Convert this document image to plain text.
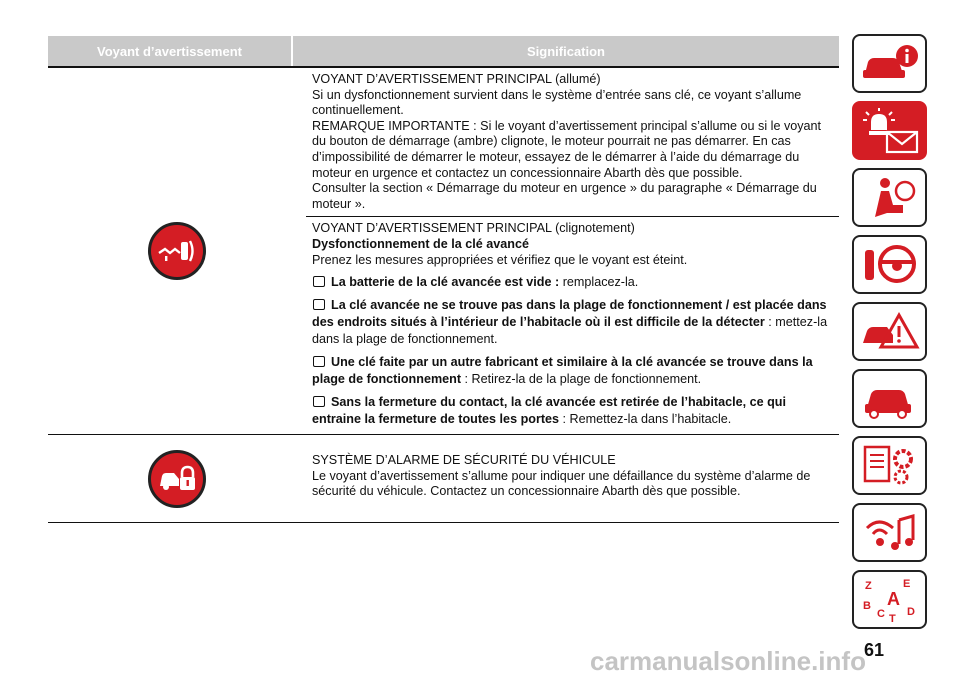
Voyant d’avertissement	Signification
VOYANT D’AVERTISSEMENT PRINCIPAL (allumé)
Si un dysfonctionnement survient dans le système d’entrée sans clé, ce voyant s’allume continuellement.
REMARQUE IMPORTANTE : Si le voyant d’avertissement principal s’allume ou si le voyant du bouton de démarrage (ambre) clignote, le moteur pourrait ne pas démarrer. En cas d’impossibilité de démarrer le moteur, essayez de le démarrer à l’aide du démarrage du moteur en urgence et contactez un concessionnaire Abarth dès que possible.
Consulter la section « Démarrage du moteur en urgence » du paragraphe « Démarrage du moteur ».
VOYANT D’AVERTISSEMENT PRINCIPAL (clignotement)
Dysfonctionnement de la clé avancé
Prenez les mesures appropriées et vérifiez que le voyant est éteint.
La batterie de la clé avancée est vide : remplacez-la.
La clé avancée ne se trouve pas dans la plage de fonctionnement / est placée dans des endroits situés à l’intérieur de l’habitacle où il est difficile de la détecter : mettez-la dans la plage de fonctionnement.
Une clé faite par un autre fabricant et similaire à la clé avancée se trouve dans la plage de fonctionnement : Retirez-la de la plage de fonctionnement.
Sans la fermeture du contact, la clé avancée est retirée de l’habitacle, ce qui entraine la fermeture de toutes les portes : Remettez-la dans l’habitacle.
SYSTÈME D’ALARME DE SÉCURITÉ DU VÉHICULE
Le voyant d’avertissement s’allume pour indiquer une défaillance du système d’alarme de sécurité du véhicule. Contactez un concessionnaire Abarth dès que possible.
Z	E
A
B
C D
T
61
carmanualsonline.info
